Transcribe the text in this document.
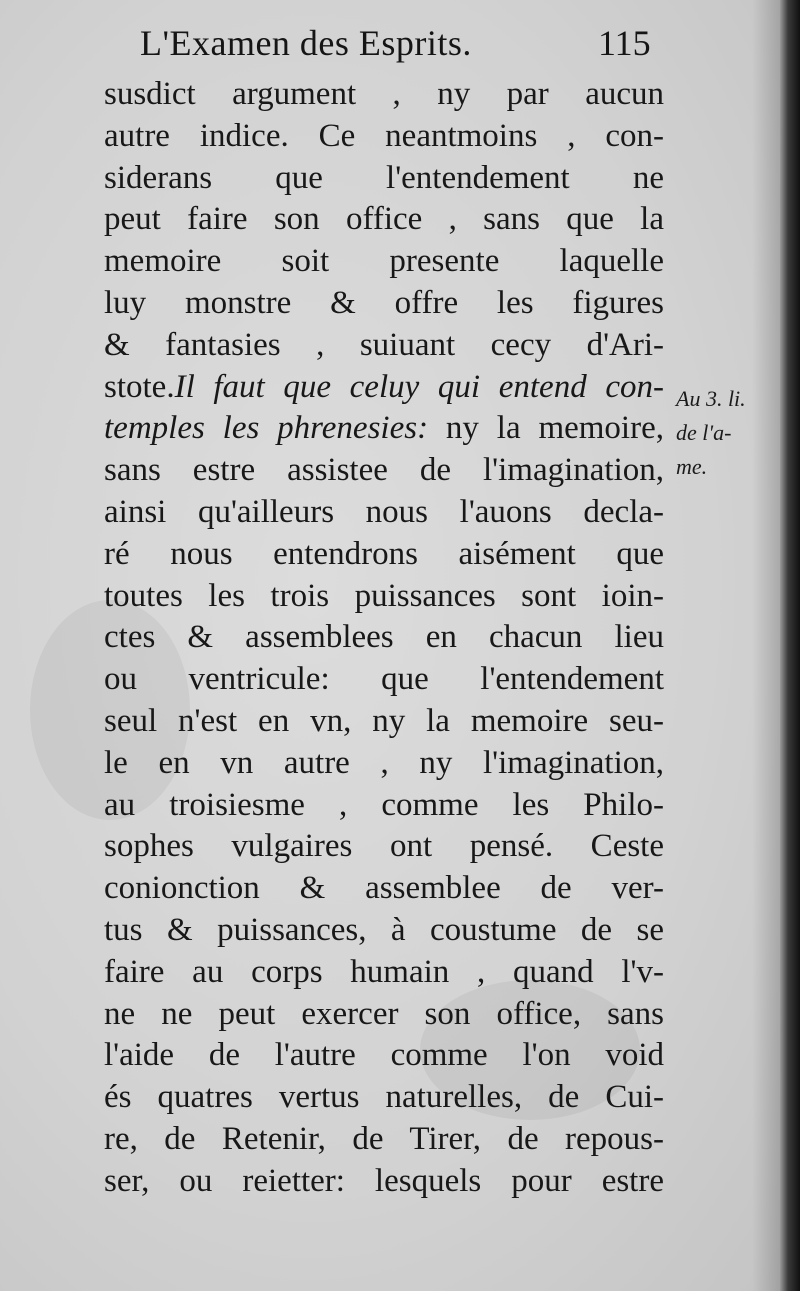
L'Examen des Esprits.	115
susdict argument , ny par aucun
autre indice. Ce neantmoins , con-
siderans que l'entendement ne
peut faire son office , sans que la
memoire soit presente laquelle
luy monstre & offre les figures
& fantasies , suiuant cecy d'Ari-
stote.Il faut que celuy qui entend con-
temples les phrenesies: ny la memoire,
sans estre assistee de l'imagination,
ainsi qu'ailleurs nous l'auons decla-
ré nous entendrons aisément que
toutes les trois puissances sont ioin-
ctes & assemblees en chacun lieu
ou ventricule: que l'entendement
seul n'est en vn, ny la memoire seu-
le en vn autre , ny l'imagination,
au troisiesme , comme les Philo-
sophes vulgaires ont pensé. Ceste
conionction & assemblee de ver-
tus & puissances, à coustume de se
faire au corps humain , quand l'v-
ne ne peut exercer son office, sans
l'aide de l'autre comme l'on void
és quatres vertus naturelles, de Cui-
re, de Retenir, de Tirer, de repous-
ser, ou reietter: lesquels pour estre
Au 3. li.
de l'a-
me.
